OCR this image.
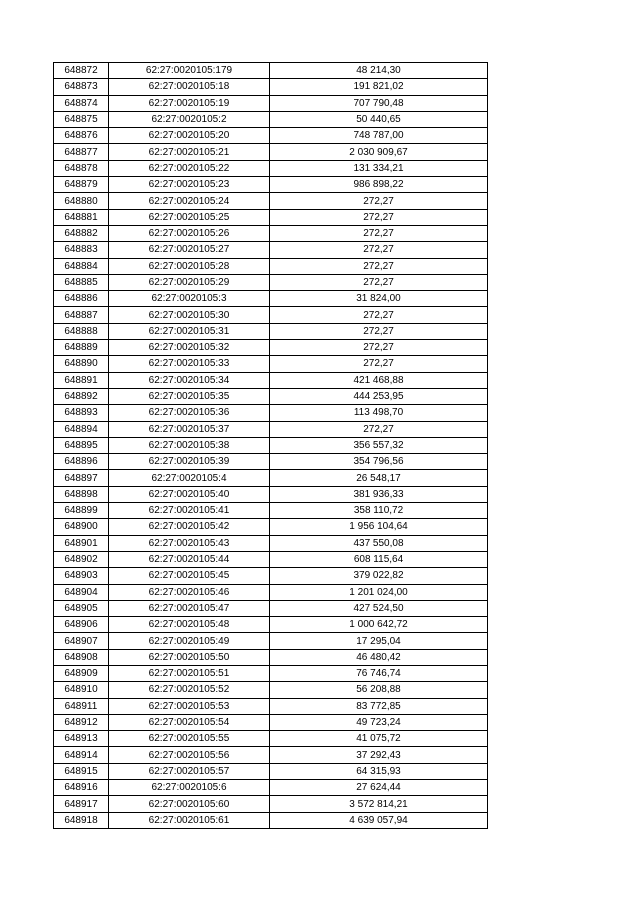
648872	62:27:0020105:179	48 214,30
648873	62:27:0020105:18	191 821,02
648874	62:27:0020105:19	707 790,48
648875	62:27:0020105:2	50 440,65
648876	62:27:0020105:20	748 787,00
648877	62:27:0020105:21	2 030 909,67
648878	62:27:0020105:22	131 334,21
648879	62:27:0020105:23	986 898,22
648880	62:27:0020105:24	272,27
648881	62:27:0020105:25	272,27
648882	62:27:0020105:26	272,27
648883	62:27:0020105:27	272,27
648884	62:27:0020105:28	272,27
648885	62:27:0020105:29	272,27
648886	62:27:0020105:3	31 824,00
648887	62:27:0020105:30	272,27
648888	62:27:0020105:31	272,27
648889	62:27:0020105:32	272,27
648890	62:27:0020105:33	272,27
648891	62:27:0020105:34	421 468,88
648892	62:27:0020105:35	444 253,95
648893	62:27:0020105:36	113 498,70
648894	62:27:0020105:37	272,27
648895	62:27:0020105:38	356 557,32
648896	62:27:0020105:39	354 796,56
648897	62:27:0020105:4	26 548,17
648898	62:27:0020105:40	381 936,33
648899	62:27:0020105:41	358 110,72
648900	62:27:0020105:42	1 956 104,64
648901	62:27:0020105:43	437 550,08
648902	62:27:0020105:44	608 115,64
648903	62:27:0020105:45	379 022,82
648904	62:27:0020105:46	1 201 024,00
648905	62:27:0020105:47	427 524,50
648906	62:27:0020105:48	1 000 642,72
648907	62:27:0020105:49	17 295,04
648908	62:27:0020105:50	46 480,42
648909	62:27:0020105:51	76 746,74
648910	62:27:0020105:52	56 208,88
648911	62:27:0020105:53	83 772,85
648912	62:27:0020105:54	49 723,24
648913	62:27:0020105:55	41 075,72
648914	62:27:0020105:56	37 292,43
648915	62:27:0020105:57	64 315,93
648916	62:27:0020105:6	27 624,44
648917	62:27:0020105:60	3 572 814,21
648918	62:27:0020105:61	4 639 057,94
